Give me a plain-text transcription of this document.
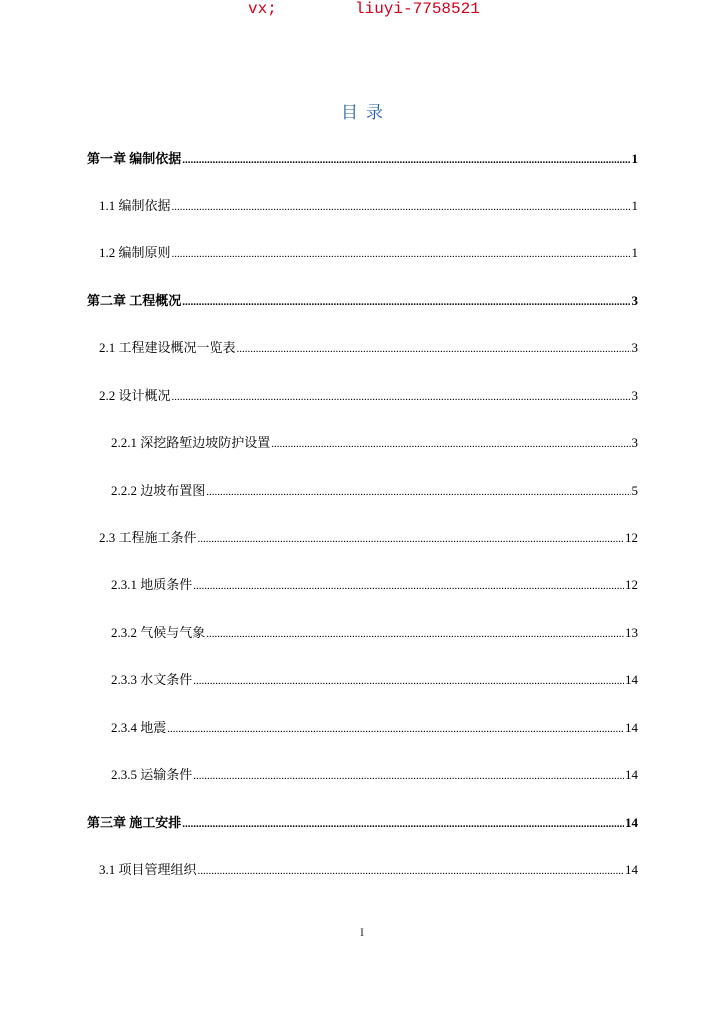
vx;

	liuyi-7758521

目录
第一章 编制依据 .....	1
1.1 编制依据 .....	1
1.2 编制原则 .....	1
第二章 工程概况 .....	3
2.1 工程建设概况一览表 .....	3
2.2 设计概况 .....	3
2.2.1 深挖路堑边坡防护设置 .....	3
2.2.2 边坡布置图 .....	5
2.3 工程施工条件 .....	12
2.3.1 地质条件 .....	12
2.3.2 气候与气象 .....	13
2.3.3 水文条件 .....	14
2.3.4 地震 .....	14
2.3.5 运输条件 .....	14
第三章 施工安排 .....	14
3.1 项目管理组织 .....	14
I
